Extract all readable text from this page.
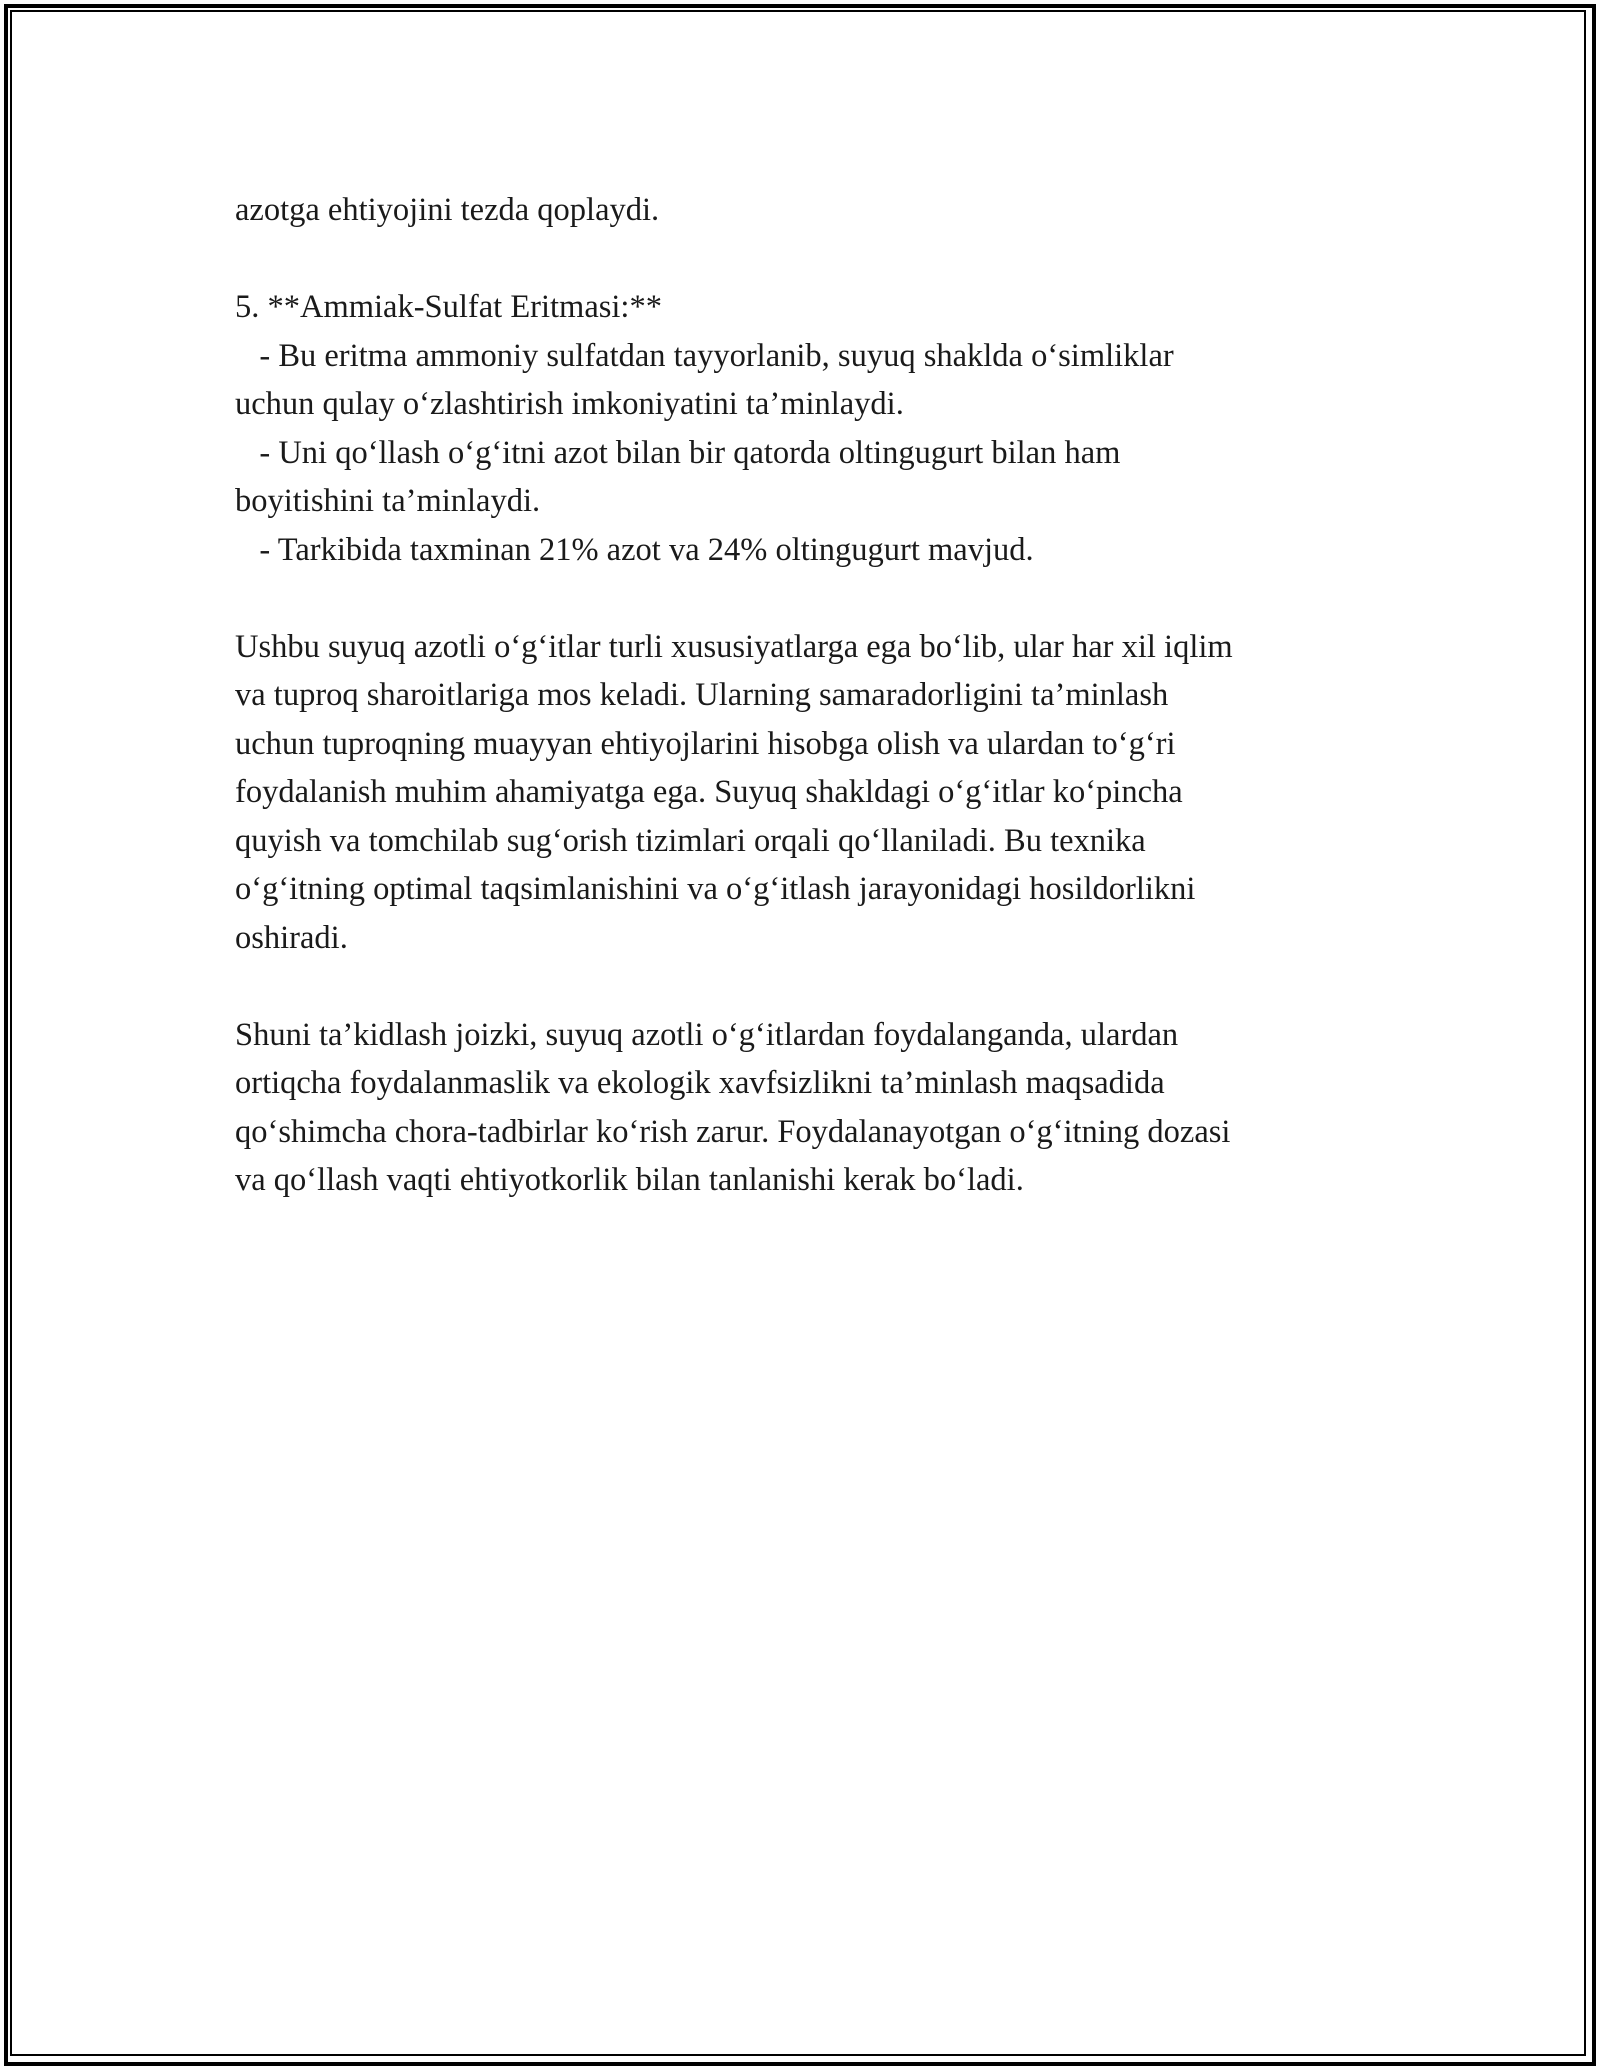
azotga ehtiyojini tezda qoplaydi.
5. **Ammiak-Sulfat Eritmasi:**
- Bu eritma ammoniy sulfatdan tayyorlanib, suyuq shaklda o‘simliklar
uchun qulay o‘zlashtirish imkoniyatini ta’minlaydi.
- Uni qo‘llash o‘g‘itni azot bilan bir qatorda oltingugurt bilan ham
boyitishini ta’minlaydi.
- Tarkibida taxminan 21% azot va 24% oltingugurt mavjud.
Ushbu suyuq azotli o‘g‘itlar turli xususiyatlarga ega bo‘lib, ular har xil iqlim
va tuproq sharoitlariga mos keladi. Ularning samaradorligini ta’minlash
uchun tuproqning muayyan ehtiyojlarini hisobga olish va ulardan to‘g‘ri
foydalanish muhim ahamiyatga ega. Suyuq shakldagi o‘g‘itlar ko‘pincha
quyish va tomchilab sug‘orish tizimlari orqali qo‘llaniladi. Bu texnika
o‘g‘itning optimal taqsimlanishini va o‘g‘itlash jarayonidagi hosildorlikni
oshiradi.
Shuni ta’kidlash joizki, suyuq azotli o‘g‘itlardan foydalanganda, ulardan
ortiqcha foydalanmaslik va ekologik xavfsizlikni ta’minlash maqsadida
qo‘shimcha chora-tadbirlar ko‘rish zarur. Foydalanayotgan o‘g‘itning dozasi
va qo‘llash vaqti ehtiyotkorlik bilan tanlanishi kerak bo‘ladi.
